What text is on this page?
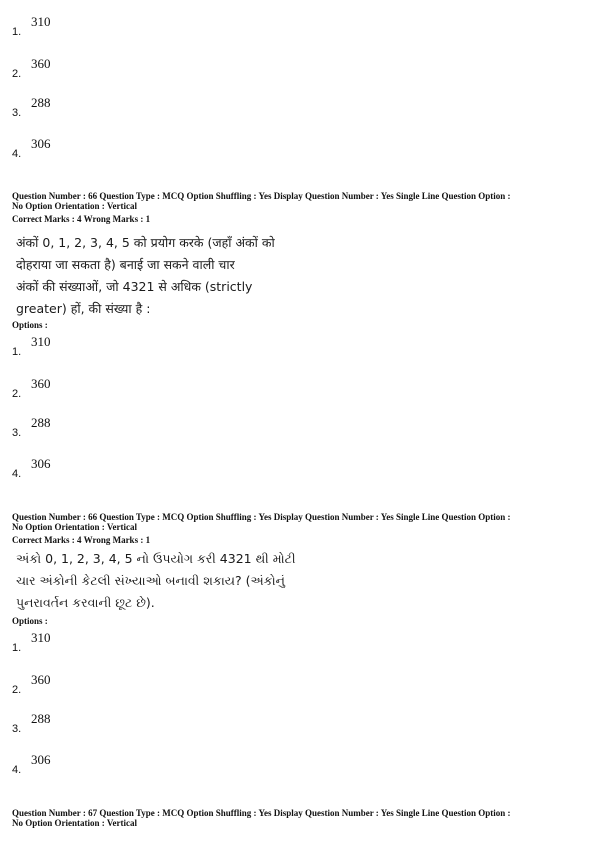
1.
310
2.
360
3.
288
4.
306
Question Number : 66 Question Type : MCQ Option Shuffling : Yes Display Question Number : Yes Single Line Question Option :
No Option Orientation : Vertical
Correct Marks : 4 Wrong Marks : 1
अंकों 0, 1, 2, 3, 4, 5 को प्रयोग करके (जहाँ अंकों को
दोहराया जा सकता है) बनाई जा सकने वाली चार
अंकों की संख्याओं, जो 4321 से अधिक (strictly
greater) हों, की संख्या है :
Options :
1.
310
2.
360
3.
288
4.
306
Question Number : 66 Question Type : MCQ Option Shuffling : Yes Display Question Number : Yes Single Line Question Option :
No Option Orientation : Vertical
Correct Marks : 4 Wrong Marks : 1
અંકો 0, 1, 2, 3, 4, 5 નો ઉપયોગ કરી 4321 થી મોટી
ચાર અંકોની કેટલી સંખ્યાઓ બનાવી શકાય? (અંકોનું
પુનરાવર્તન કરવાની છૂટ છે).
Options :
1.
310
2.
360
3.
288
4.
306
Question Number : 67 Question Type : MCQ Option Shuffling : Yes Display Question Number : Yes Single Line Question Option :
No Option Orientation : Vertical
